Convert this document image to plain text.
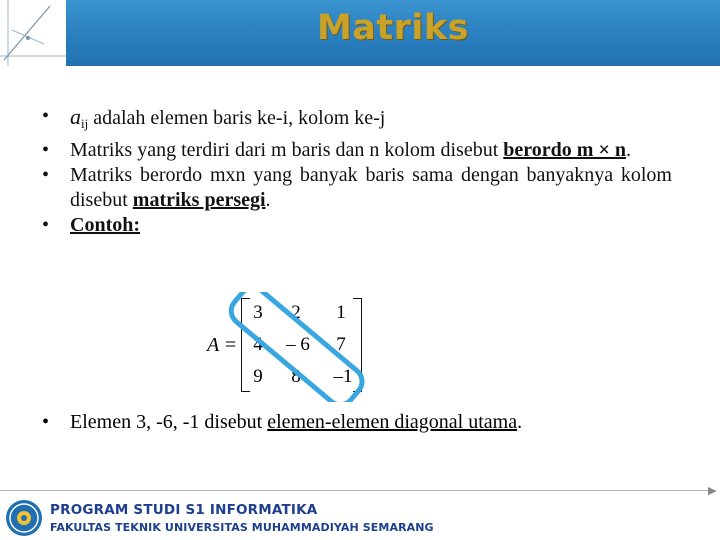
Matriks
• $a_{ij}$ adalah elemen baris ke-i, kolom ke-j
• Matriks yang terdiri dari m baris dan n kolom disebut berordo m × n.
• Matriks berordo mxn yang banyak baris sama dengan banyaknya kolom disebut matriks persegi.
• Contoh:
A =
3	2	1
4	– 6	7
9	8	–1
• Elemen 3, -6, -1 disebut elemen-elemen diagonal utama.
▶
PROGRAM STUDI S1 INFORMATIKA
FAKULTAS TEKNIK UNIVERSITAS MUHAMMADIYAH SEMARANG
